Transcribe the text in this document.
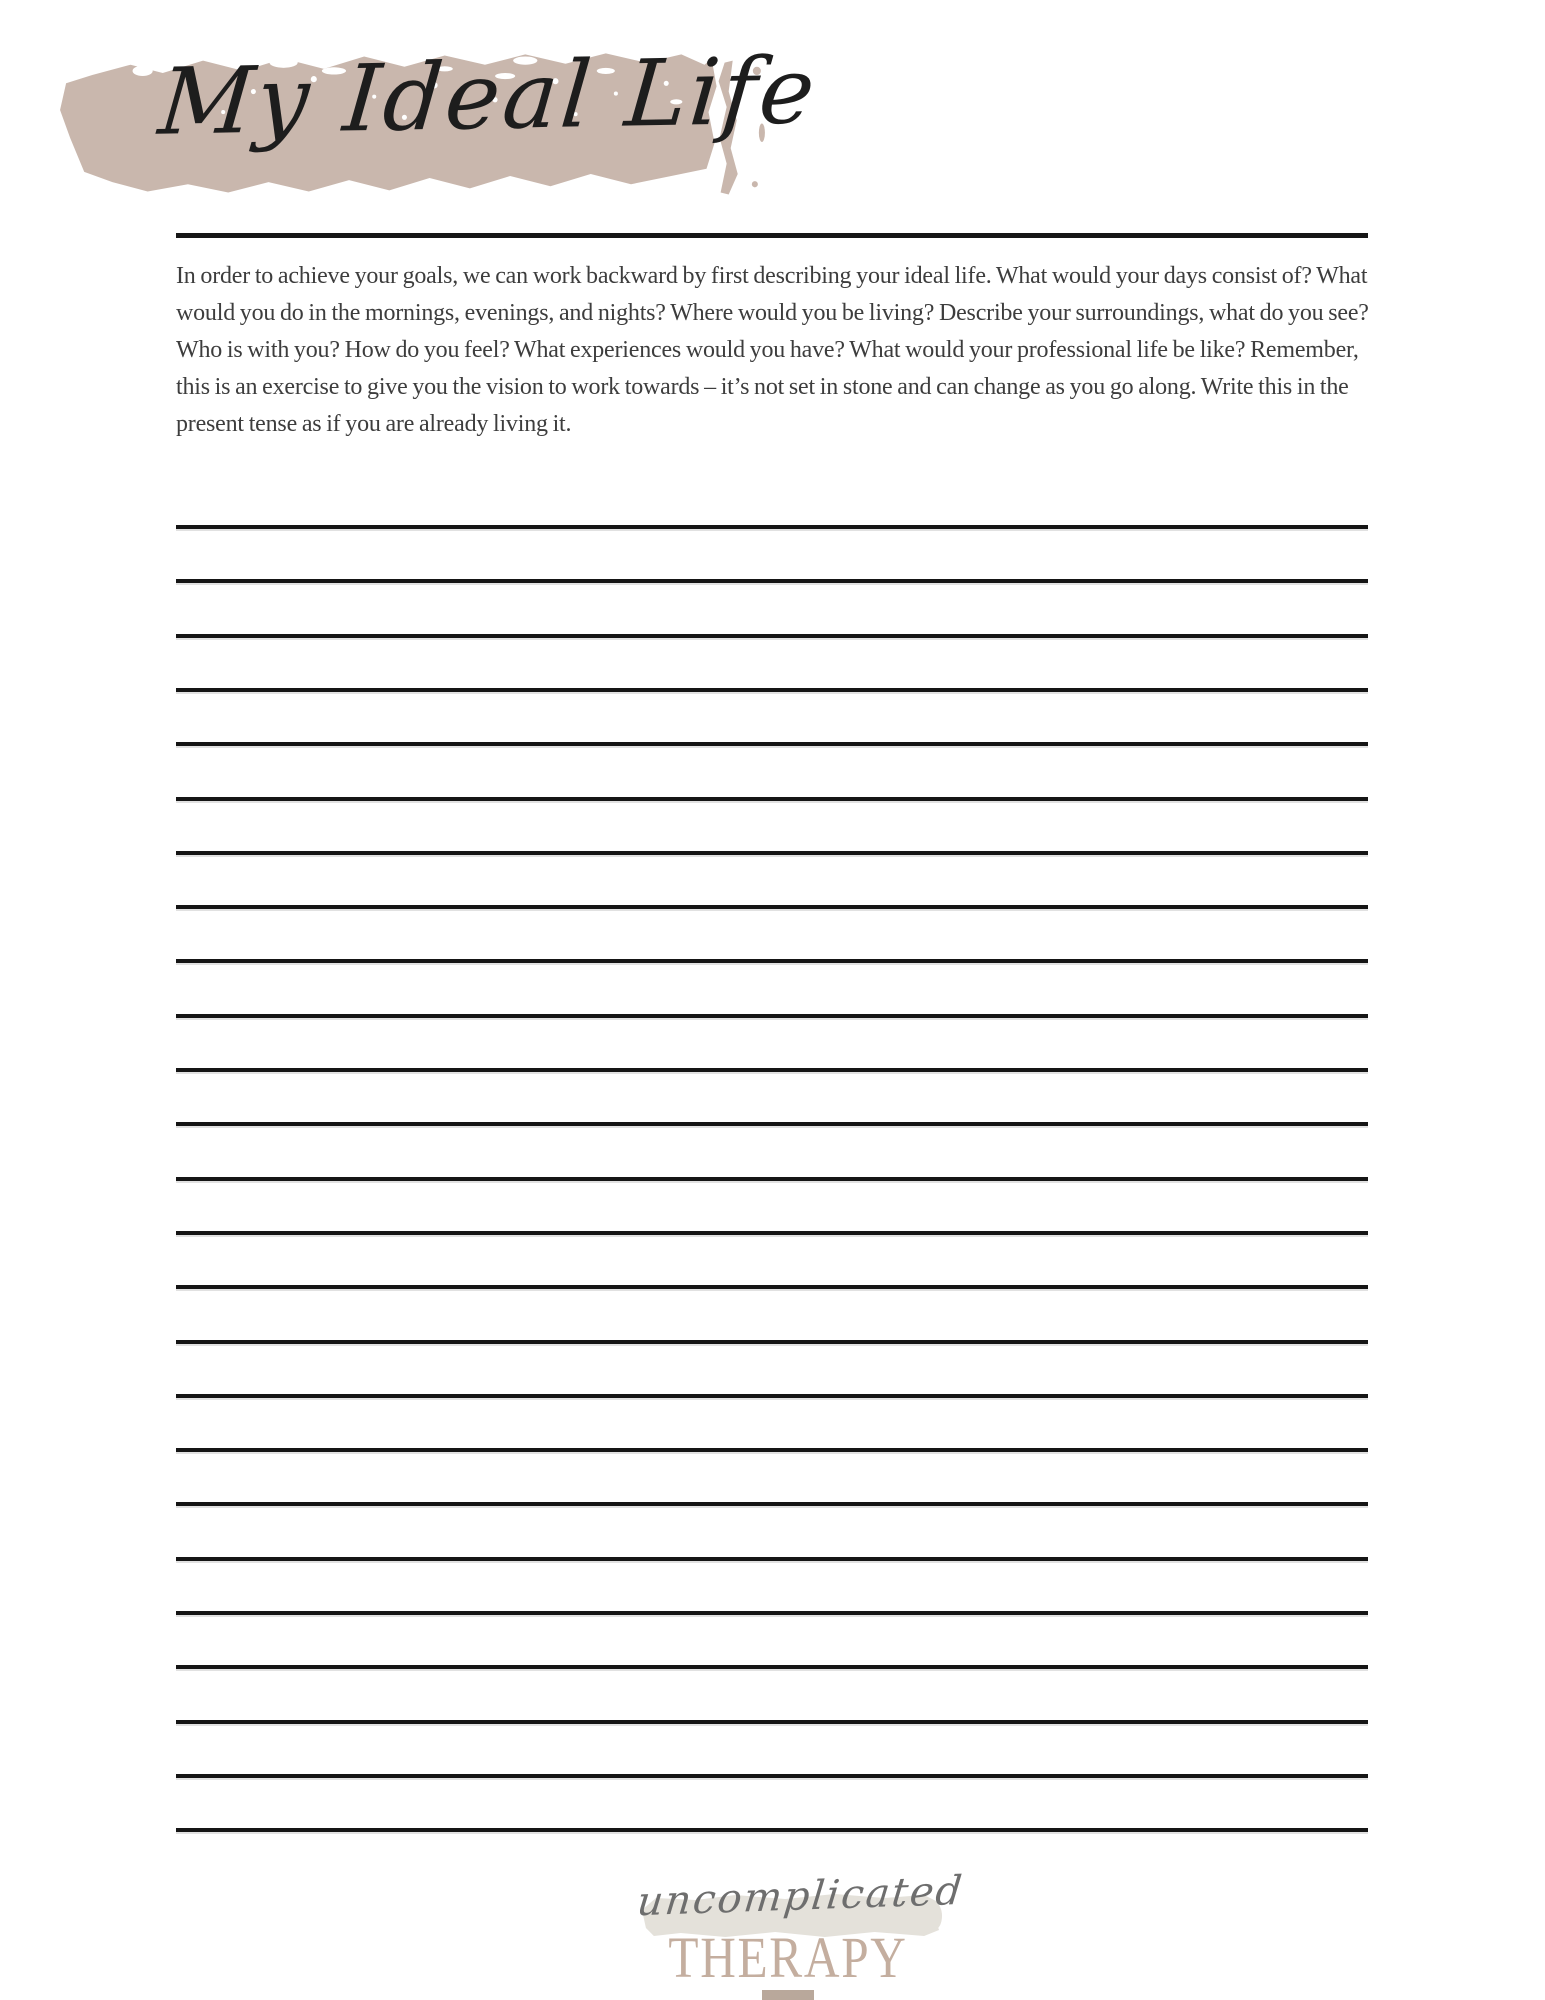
My Ideal Life

In order to achieve your goals, we can work backward by first describing your ideal life. What would your days consist of? What would you do in the mornings, evenings, and nights? Where would you be living? Describe your surroundings, what do you see? Who is with you? How do you feel? What experiences would you have? What would your professional life be like? Remember, this is an exercise to give you the vision to work towards – it’s not set in stone and can change as you go along. Write this in the present tense as if you are already living it.

uncomplicated
THERAPY
